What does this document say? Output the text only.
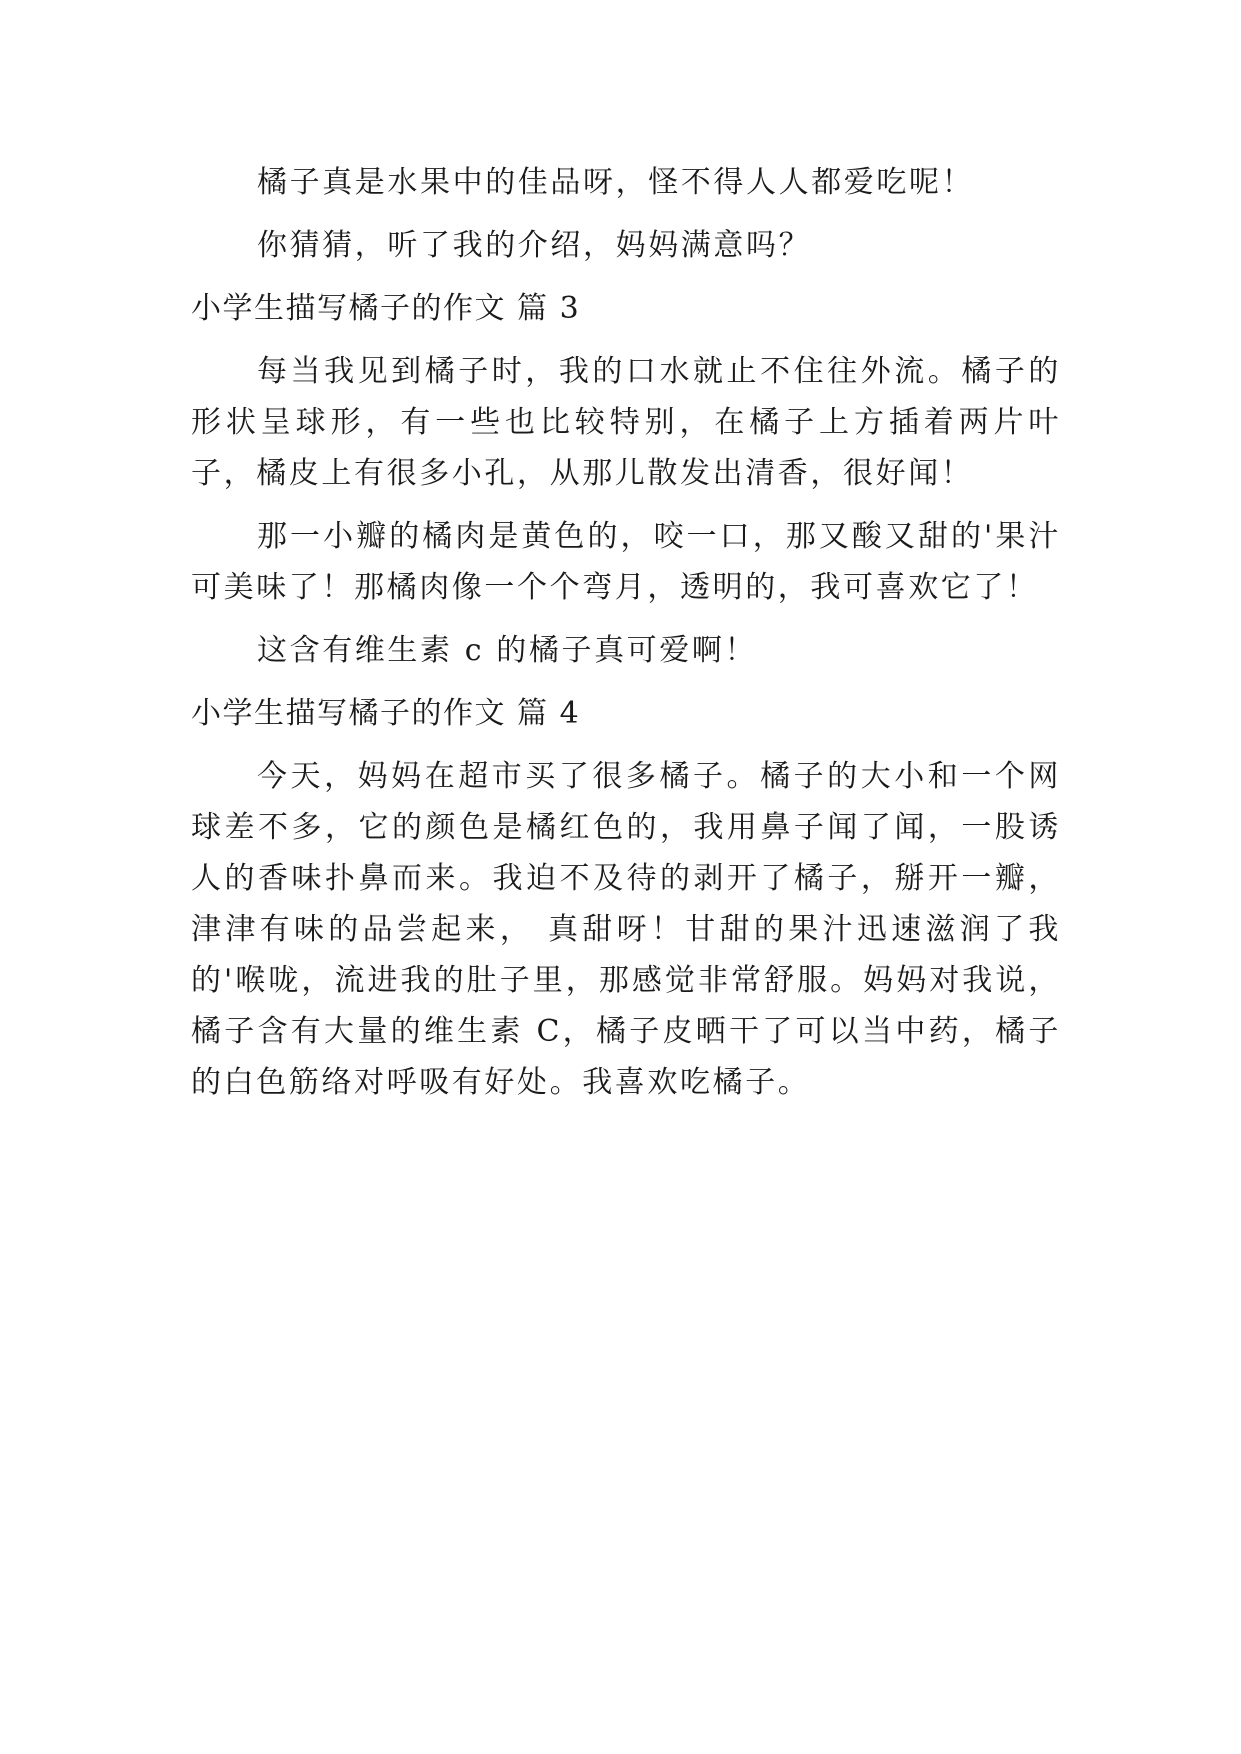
橘子真是水果中的佳品呀，怪不得人人都爱吃呢！

你猜猜，听了我的介绍，妈妈满意吗？

小学生描写橘子的作文 篇 3

每当我见到橘子时，我的口水就止不住往外流。橘子的形状呈球形，有一些也比较特别，在橘子上方插着两片叶子，橘皮上有很多小孔，从那儿散发出清香，很好闻！

那一小瓣的橘肉是黄色的，咬一口，那又酸又甜的'果汁可美味了！那橘肉像一个个弯月，透明的，我可喜欢它了！

这含有维生素 c 的橘子真可爱啊！

小学生描写橘子的作文 篇 4

今天，妈妈在超市买了很多橘子。橘子的大小和一个网球差不多，它的颜色是橘红色的，我用鼻子闻了闻，一股诱人的香味扑鼻而来。我迫不及待的剥开了橘子，掰开一瓣，津津有味的品尝起来， 真甜呀！甘甜的果汁迅速滋润了我的'喉咙，流进我的肚子里，那感觉非常舒服。妈妈对我说，橘子含有大量的维生素 C，橘子皮晒干了可以当中药，橘子的白色筋络对呼吸有好处。我喜欢吃橘子。
